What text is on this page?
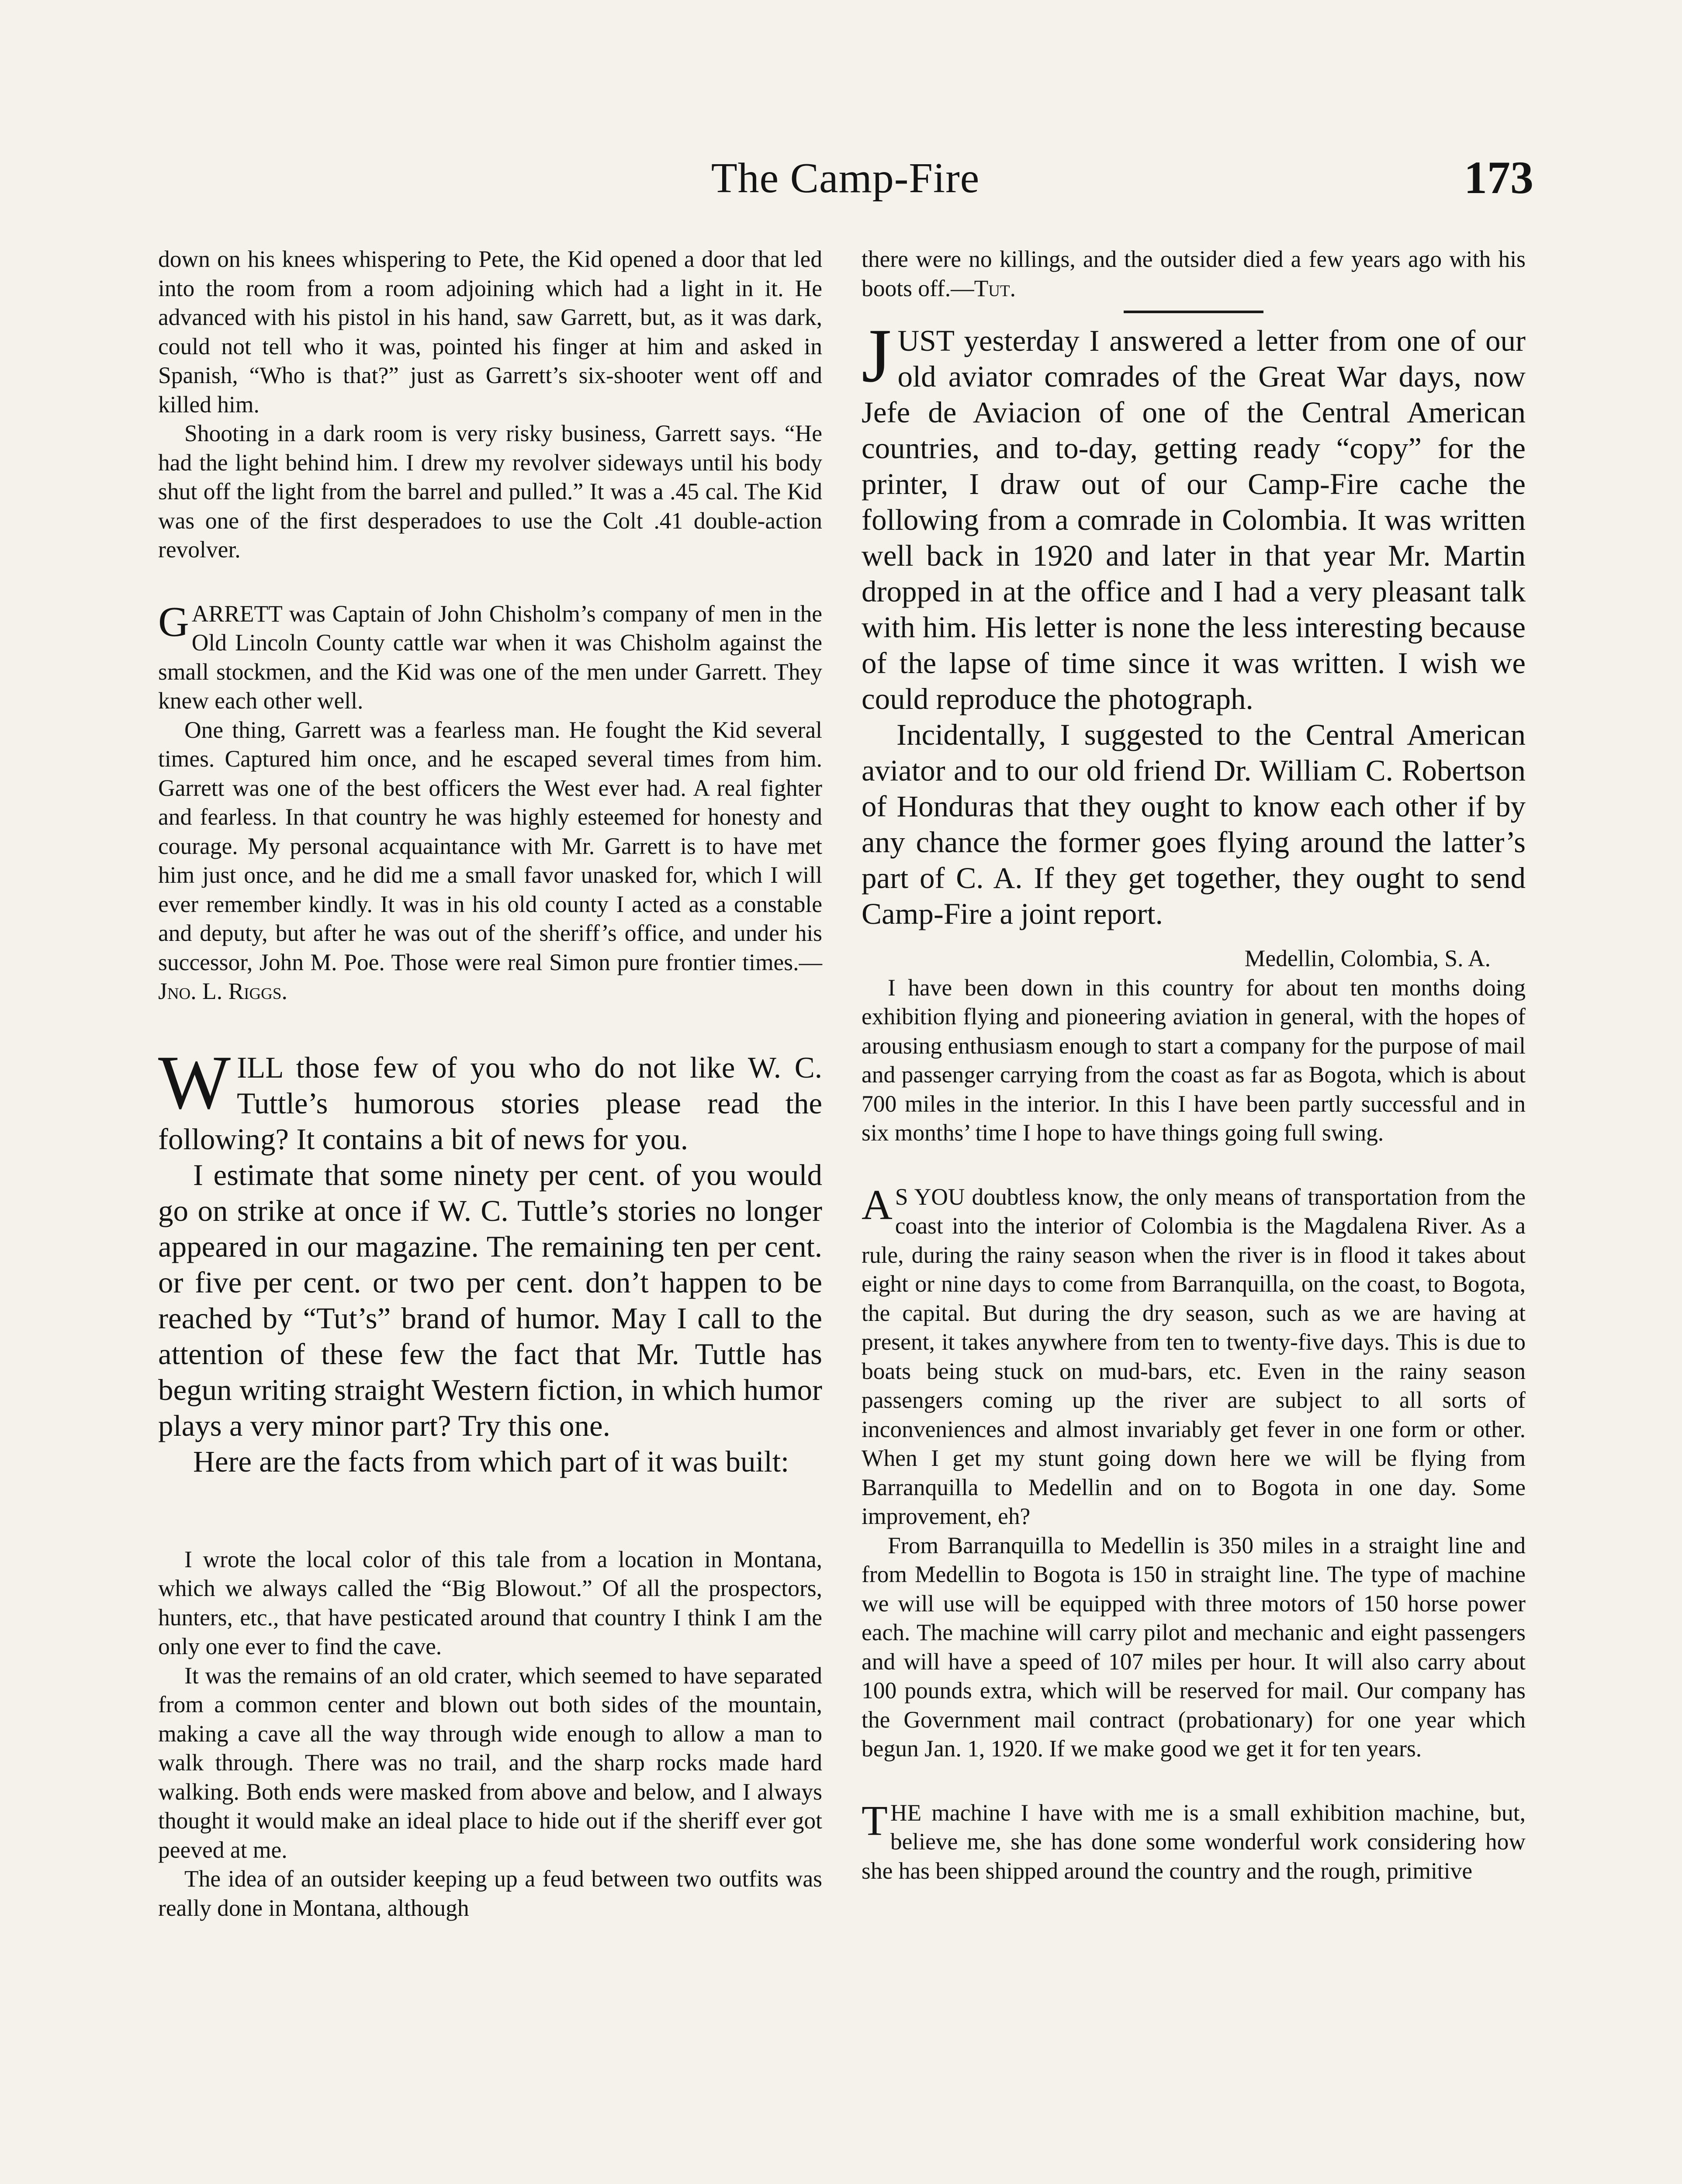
The Camp-Fire	173

down on his knees whispering to Pete, the Kid opened a door that led into the room from a room adjoining which had a light in it. He advanced with his pistol in his hand, saw Garrett, but, as it was dark, could not tell who it was, pointed his finger at him and asked in Spanish, “Who is that?” just as Garrett’s six-shooter went off and killed him.

Shooting in a dark room is very risky business, Garrett says. “He had the light behind him. I drew my revolver sideways until his body shut off the light from the barrel and pulled.” It was a .45 cal. The Kid was one of the first desperadoes to use the Colt .41 double-action revolver.

GARRETT was Captain of John Chisholm’s company of men in the Old Lincoln County cattle war when it was Chisholm against the small stockmen, and the Kid was one of the men under Garrett. They knew each other well.

One thing, Garrett was a fearless man. He fought the Kid several times. Captured him once, and he escaped several times from him. Garrett was one of the best officers the West ever had. A real fighter and fearless. In that country he was highly esteemed for honesty and courage. My personal acquaintance with Mr. Garrett is to have met him just once, and he did me a small favor unasked for, which I will ever remember kindly. It was in his old county I acted as a constable and deputy, but after he was out of the sheriff’s office, and under his successor, John M. Poe. Those were real Simon pure frontier times.—Jno. L. Riggs.

WILL those few of you who do not like W. C. Tuttle’s humorous stories please read the following? It contains a bit of news for you.

I estimate that some ninety per cent. of you would go on strike at once if W. C. Tuttle’s stories no longer appeared in our magazine. The remaining ten per cent. or five per cent. or two per cent. don’t happen to be reached by “Tut’s” brand of humor. May I call to the attention of these few the fact that Mr. Tuttle has begun writing straight Western fiction, in which humor plays a very minor part? Try this one.

Here are the facts from which part of it was built:

I wrote the local color of this tale from a location in Montana, which we always called the “Big Blowout.” Of all the prospectors, hunters, etc., that have pesticated around that country I think I am the only one ever to find the cave.

It was the remains of an old crater, which seemed to have separated from a common center and blown out both sides of the mountain, making a cave all the way through wide enough to allow a man to walk through. There was no trail, and the sharp rocks made hard walking. Both ends were masked from above and below, and I always thought it would make an ideal place to hide out if the sheriff ever got peeved at me.

The idea of an outsider keeping up a feud between two outfits was really done in Montana, although

there were no killings, and the outsider died a few years ago with his boots off.—Tut.

JUST yesterday I answered a letter from one of our old aviator comrades of the Great War days, now Jefe de Aviacion of one of the Central American countries, and to-day, getting ready “copy” for the printer, I draw out of our Camp-Fire cache the following from a comrade in Colombia. It was written well back in 1920 and later in that year Mr. Martin dropped in at the office and I had a very pleasant talk with him. His letter is none the less interesting because of the lapse of time since it was written. I wish we could reproduce the photograph.

Incidentally, I suggested to the Central American aviator and to our old friend Dr. William C. Robertson of Honduras that they ought to know each other if by any chance the former goes flying around the latter’s part of C. A. If they get together, they ought to send Camp-Fire a joint report.

Medellin, Colombia, S. A.

I have been down in this country for about ten months doing exhibition flying and pioneering aviation in general, with the hopes of arousing enthusiasm enough to start a company for the purpose of mail and passenger carrying from the coast as far as Bogota, which is about 700 miles in the interior. In this I have been partly successful and in six months’ time I hope to have things going full swing.

A S YOU doubtless know, the only means of transportation from the coast into the interior of Colombia is the Magdalena River. As a rule, during the rainy season when the river is in flood it takes about eight or nine days to come from Barranquilla, on the coast, to Bogota, the capital. But during the dry season, such as we are having at present, it takes anywhere from ten to twenty-five days. This is due to boats being stuck on mud-bars, etc. Even in the rainy season passengers coming up the river are subject to all sorts of inconveniences and almost invariably get fever in one form or other. When I get my stunt going down here we will be flying from Barranquilla to Medellin and on to Bogota in one day. Some improvement, eh?

From Barranquilla to Medellin is 350 miles in a straight line and from Medellin to Bogota is 150 in straight line. The type of machine we will use will be equipped with three motors of 150 horse power each. The machine will carry pilot and mechanic and eight passengers and will have a speed of 107 miles per hour. It will also carry about 100 pounds extra, which will be reserved for mail. Our company has the Government mail contract (probationary) for one year which begun Jan. 1, 1920. If we make good we get it for ten years.

THE machine I have with me is a small exhibition machine, but, believe me, she has done some wonderful work considering how she has been shipped around the country and the rough, primitive
